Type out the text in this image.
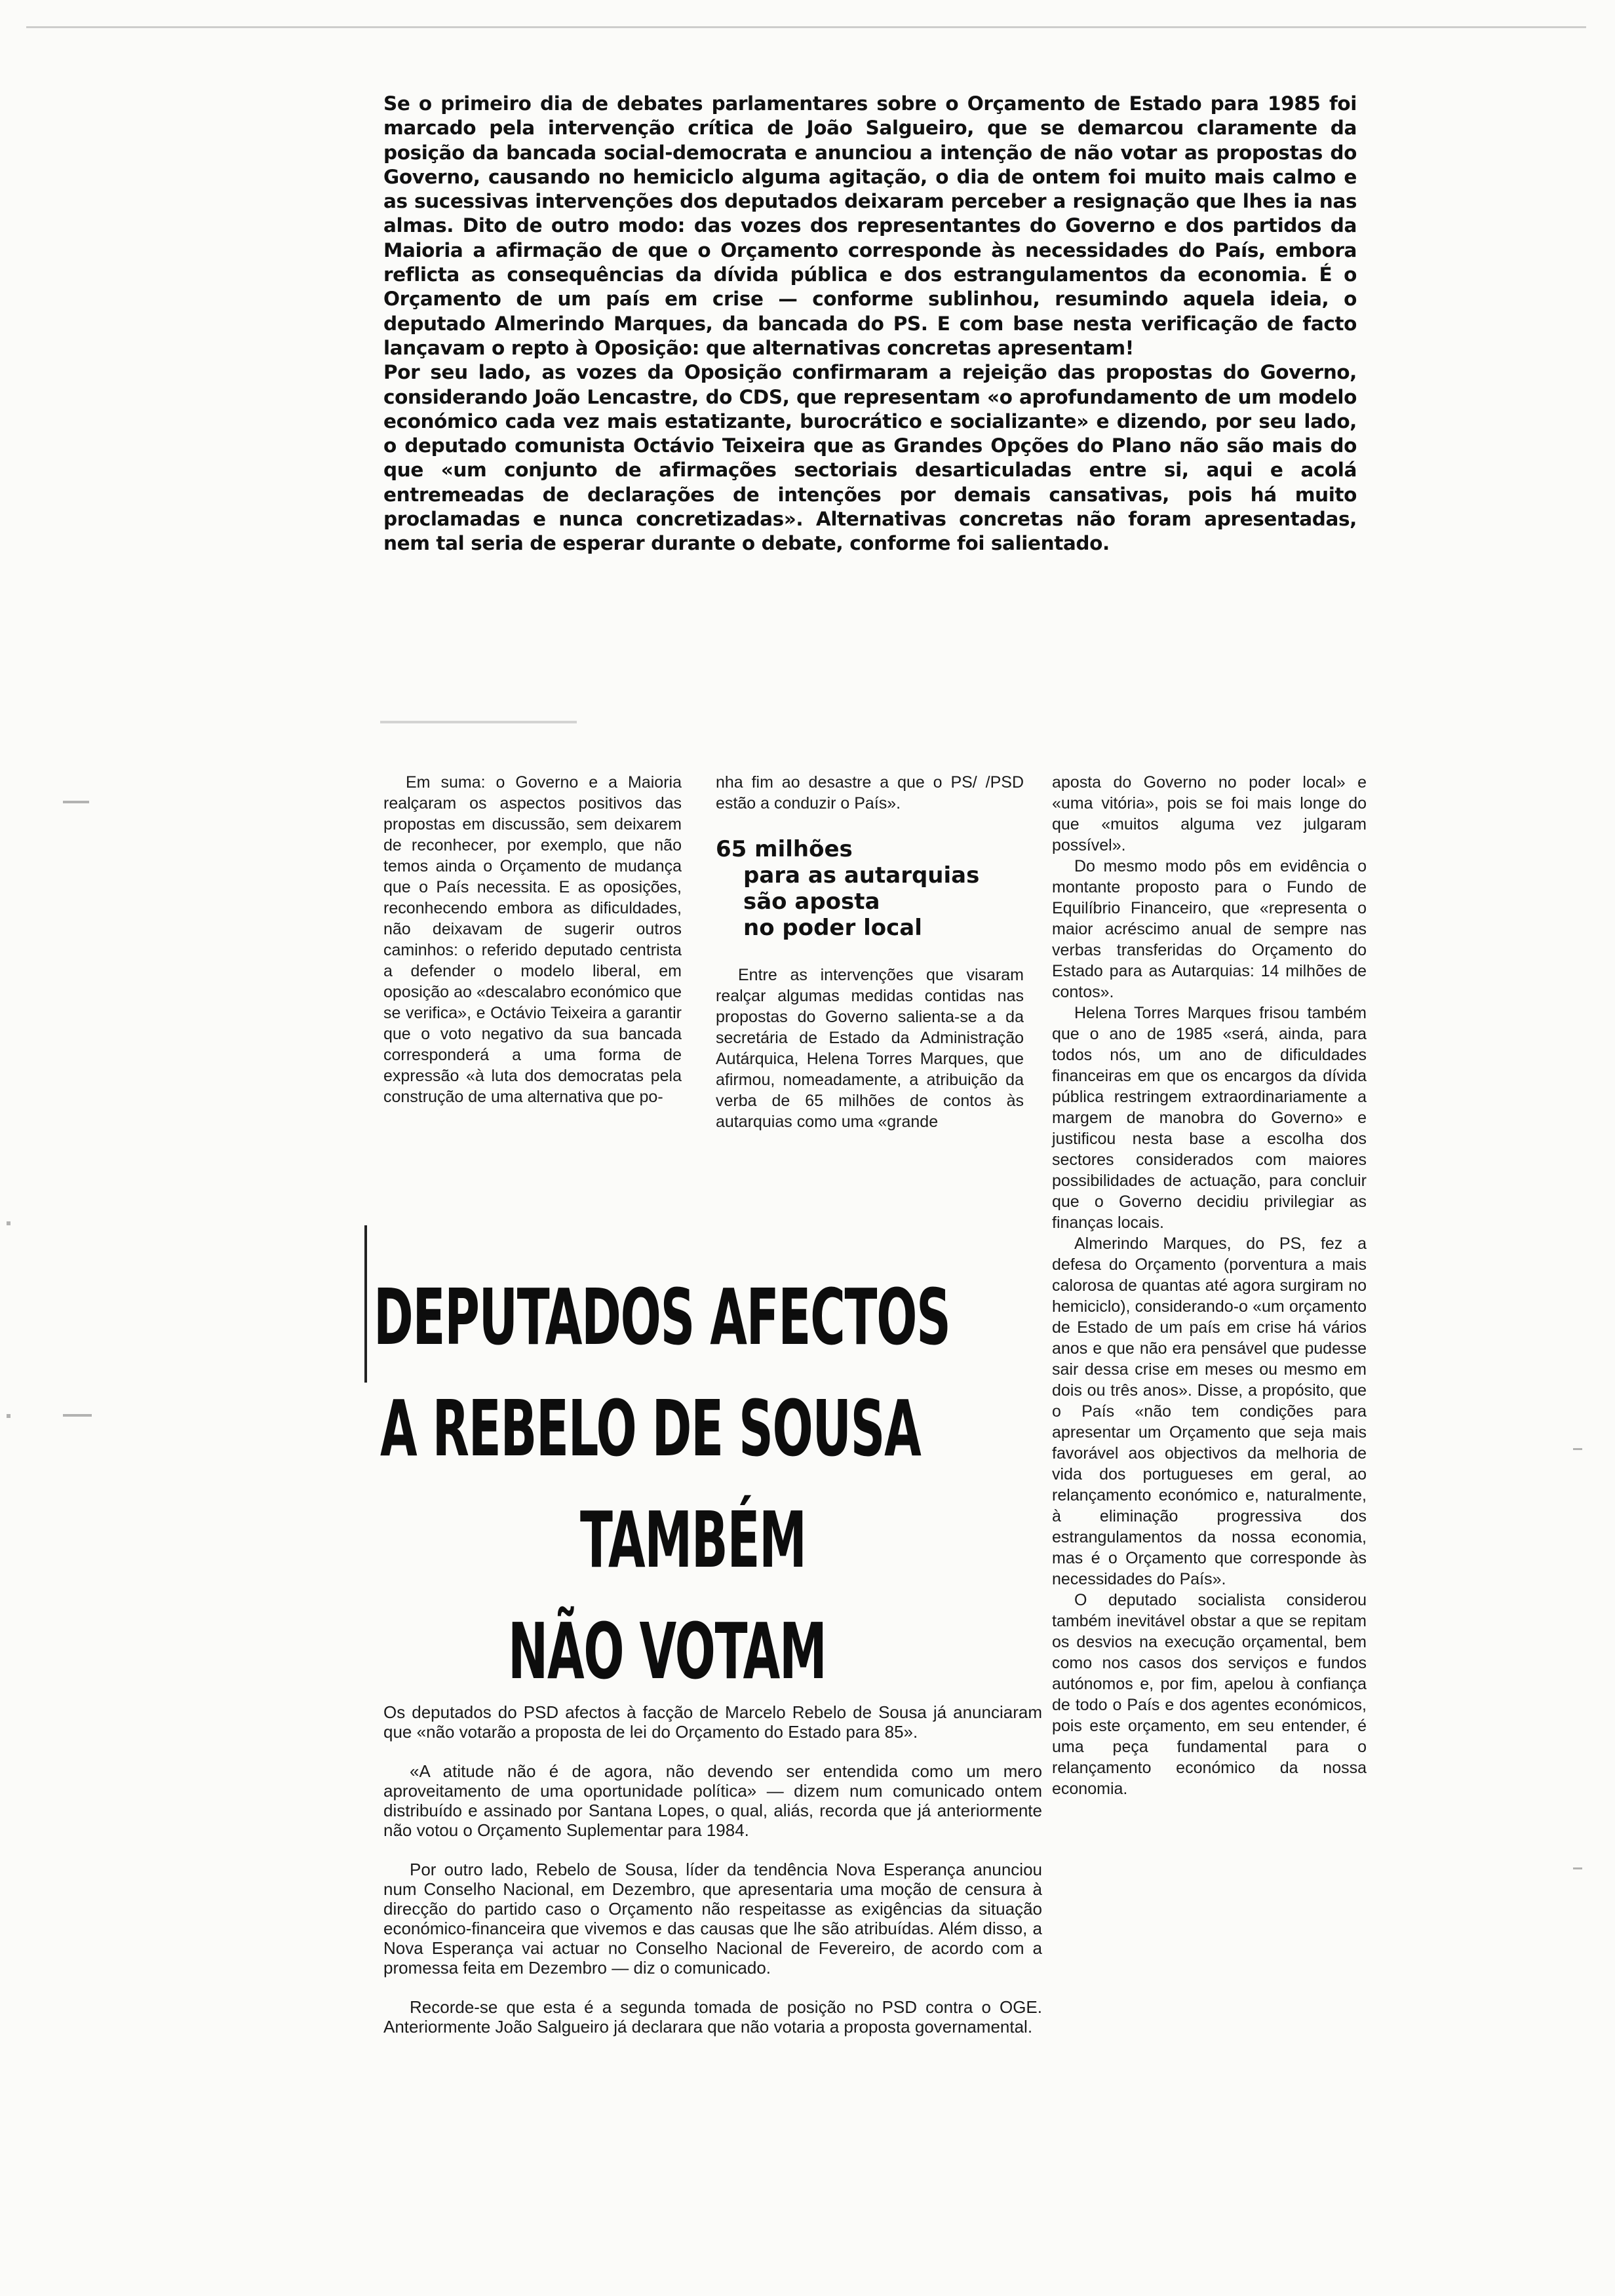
Se o primeiro dia de debates parlamentares sobre o Orçamento de Estado para 1985 foi marcado pela intervenção crítica de João Salgueiro, que se demarcou claramente da posição da bancada social-democrata e anunciou a intenção de não votar as propostas do Governo, causando no hemiciclo alguma agitação, o dia de ontem foi muito mais calmo e as sucessivas intervenções dos deputados deixaram perceber a resignação que lhes ia nas almas. Dito de outro modo: das vozes dos representantes do Governo e dos partidos da Maioria a afirmação de que o Orçamento corresponde às necessidades do País, embora reflicta as consequências da dívida pública e dos estrangulamentos da economia. É o Orçamento de um país em crise — conforme sublinhou, resumindo aquela ideia, o deputado Almerindo Marques, da bancada do PS. E com base nesta verificação de facto lançavam o repto à Oposição: que alternativas concretas apresentam!

Por seu lado, as vozes da Oposição confirmaram a rejeição das propostas do Governo, considerando João Lencastre, do CDS, que representam «o aprofundamento de um modelo económico cada vez mais estatizante, burocrático e socializante» e dizendo, por seu lado, o deputado comunista Octávio Teixeira que as Grandes Opções do Plano não são mais do que «um conjunto de afirmações sectoriais desarticuladas entre si, aqui e acolá entremeadas de declarações de intenções por demais cansativas, pois há muito proclamadas e nunca concretizadas». Alternativas concretas não foram apresentadas, nem tal seria de esperar durante o debate, conforme foi salientado.

Em suma: o Governo e a Maioria realçaram os aspectos positivos das propostas em discussão, sem deixarem de reconhecer, por exemplo, que não temos ainda o Orçamento de mudança que o País necessita. E as oposições, reconhecendo embora as dificuldades, não deixavam de sugerir outros caminhos: o referido deputado centrista a defender o modelo liberal, em oposição ao «descalabro económico que se verifica», e Octávio Teixeira a garantir que o voto negativo da sua bancada corresponderá a uma forma de expressão «à luta dos democratas pela construção de uma alternativa que po-

nha fim ao desastre a que o PS/ /PSD estão a conduzir o País».

65 milhões
para as autarquias
são aposta
no poder local

Entre as intervenções que visaram realçar algumas medidas contidas nas propostas do Governo salienta-se a da secretária de Estado da Administração Autárquica, Helena Torres Marques, que afirmou, nomeadamente, a atribuição da verba de 65 milhões de contos às autarquias como uma «grande

aposta do Governo no poder local» e «uma vitória», pois se foi mais longe do que «muitos alguma vez julgaram possível».

Do mesmo modo pôs em evidência o montante proposto para o Fundo de Equilíbrio Financeiro, que «representa o maior acréscimo anual de sempre nas verbas transferidas do Orçamento do Estado para as Autarquias: 14 milhões de contos».

Helena Torres Marques frisou também que o ano de 1985 «será, ainda, para todos nós, um ano de dificuldades financeiras em que os encargos da dívida pública restringem extraordinariamente a margem de manobra do Governo» e justificou nesta base a escolha dos sectores considerados com maiores possibilidades de actuação, para concluir que o Governo decidiu privilegiar as finanças locais.

Almerindo Marques, do PS, fez a defesa do Orçamento (porventura a mais calorosa de quantas até agora surgiram no hemiciclo), considerando-o «um orçamento de Estado de um país em crise há vários anos e que não era pensável que pudesse sair dessa crise em meses ou mesmo em dois ou três anos». Disse, a propósito, que o País «não tem condições para apresentar um Orçamento que seja mais favorável aos objectivos da melhoria de vida dos portugueses em geral, ao relançamento económico e, naturalmente, à eliminação progressiva dos estrangulamentos da nossa economia, mas é o Orçamento que corresponde às necessidades do País».

O deputado socialista considerou também inevitável obstar a que se repitam os desvios na execução orçamental, bem como nos casos dos serviços e fundos autónomos e, por fim, apelou à confiança de todo o País e dos agentes económicos, pois este orçamento, em seu entender, é uma peça fundamental para o relançamento económico da nossa economia.

DEPUTADOS AFECTOS
A REBELO DE SOUSA
TAMBÉM
NÃO VOTAM

Os deputados do PSD afectos à facção de Marcelo Rebelo de Sousa já anunciaram que «não votarão a proposta de lei do Orçamento do Estado para 85».

«A atitude não é de agora, não devendo ser entendida como um mero aproveitamento de uma oportunidade política» — dizem num comunicado ontem distribuído e assinado por Santana Lopes, o qual, aliás, recorda que já anteriormente não votou o Orçamento Suplementar para 1984.

Por outro lado, Rebelo de Sousa, líder da tendência Nova Esperança anunciou num Conselho Nacional, em Dezembro, que apresentaria uma moção de censura à direcção do partido caso o Orçamento não respeitasse as exigências da situação económico-financeira que vivemos e das causas que lhe são atribuídas. Além disso, a Nova Esperança vai actuar no Conselho Nacional de Fevereiro, de acordo com a promessa feita em Dezembro — diz o comunicado.

Recorde-se que esta é a segunda tomada de posição no PSD contra o OGE. Anteriormente João Salgueiro já declarara que não votaria a proposta governamental.
